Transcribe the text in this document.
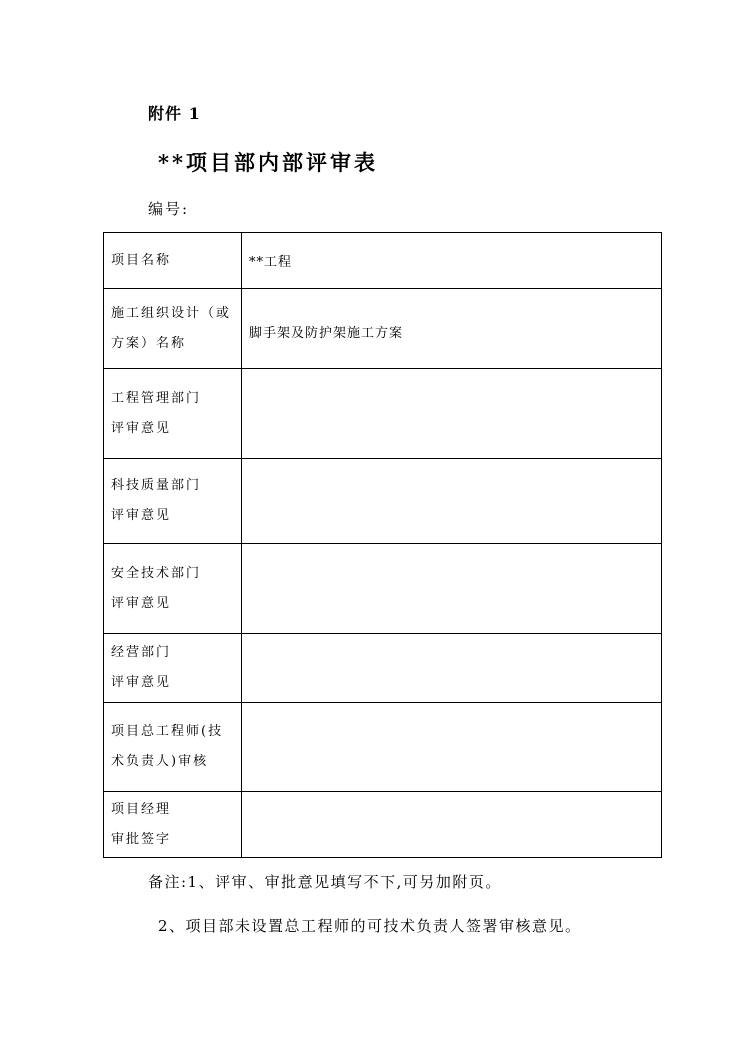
附件 1
**项目部内部评审表
编号:
项目名称	**工程

施工组织设计（或
方案）名称	脚手架及防护架施工方案

工程管理部门
评审意见	

科技质量部门
评审意见	

安全技术部门
评审意见	

经营部门
评审意见	

项目总工程师(技
术负责人)审核	

项目经理
审批签字	

备注:1、评审、审批意见填写不下,可另加附页。
2、项目部未设置总工程师的可技术负责人签署审核意见。
